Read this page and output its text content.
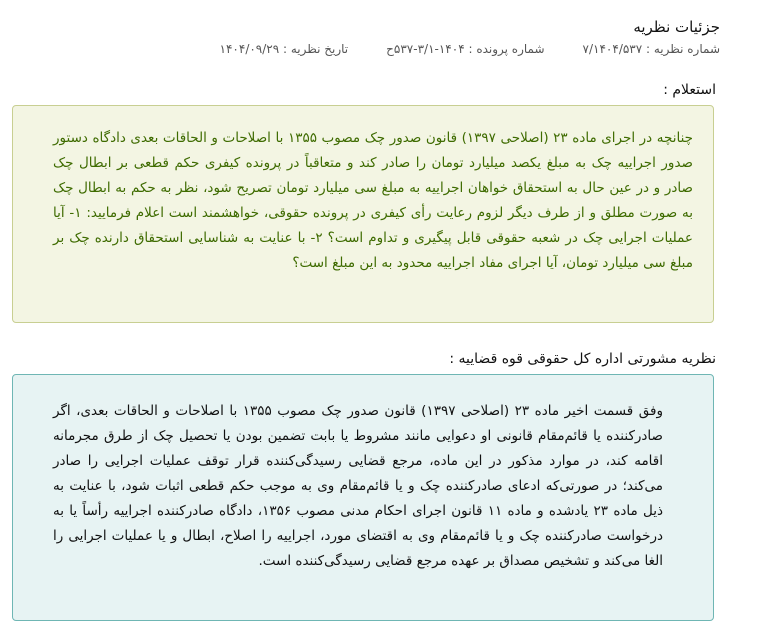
جزئیات نظریه
شماره نظریه : ۷/۱۴۰۴/۵۳۷
شماره پرونده : ۱۴۰۴-۳/۱-۵۳۷ح
تاریخ نظریه : ۱۴۰۴/۰۹/۲۹
استعلام :
چنانچه در اجرای ماده ۲۳ (اصلاحی ۱۳۹۷) قانون صدور چک مصوب ۱۳۵۵ با اصلاحات و الحاقات بعدی دادگاه دستور صدور اجراییه چک به مبلغ یکصد میلیارد تومان را صادر کند و متعاقباً در پرونده کیفری حکم قطعی بر ابطال چک صادر و در عین حال به استحقاق خواهان اجراییه به مبلغ سی میلیارد تومان تصریح شود، نظر به حکم به ابطال چک به صورت مطلق و از طرف دیگر لزوم رعایت رأی کیفری در پرونده حقوقی، خواهشمند است اعلام فرمایید: ۱- آیا عملیات اجرایی چک در شعبه حقوقی قابل پیگیری و تداوم است؟ ۲- با عنایت به شناسایی استحقاق دارنده چک بر مبلغ سی میلیارد تومان، آیا اجرای مفاد اجراییه محدود به این مبلغ است؟
نظریه مشورتی اداره کل حقوقی قوه قضاییه :
وفق قسمت اخیر ماده ۲۳ (اصلاحی ۱۳۹۷) قانون صدور چک مصوب ۱۳۵۵ با اصلاحات و الحاقات بعدی، اگر صادرکننده یا قائم‌مقام قانونی او دعوایی مانند مشروط یا بابت تضمین بودن یا تحصیل چک از طرق مجرمانه اقامه کند، در موارد مذکور در این ماده، مرجع قضایی رسیدگی‌کننده قرار توقف عملیات اجرایی را صادر می‌کند؛ در صورتی‌که ادعای صادرکننده چک و یا قائم‌مقام وی به موجب حکم قطعی اثبات شود، با عنایت به ذیل ماده ۲۳ یادشده و ماده ۱۱ قانون اجرای احکام مدنی مصوب ۱۳۵۶، دادگاه صادرکننده اجراییه رأساً یا به درخواست صادرکننده چک و یا قائم‌مقام وی به اقتضای مورد، اجراییه را اصلاح، ابطال و یا عملیات اجرایی را الغا می‌کند و تشخیص مصداق بر عهده مرجع قضایی رسیدگی‌کننده است.
